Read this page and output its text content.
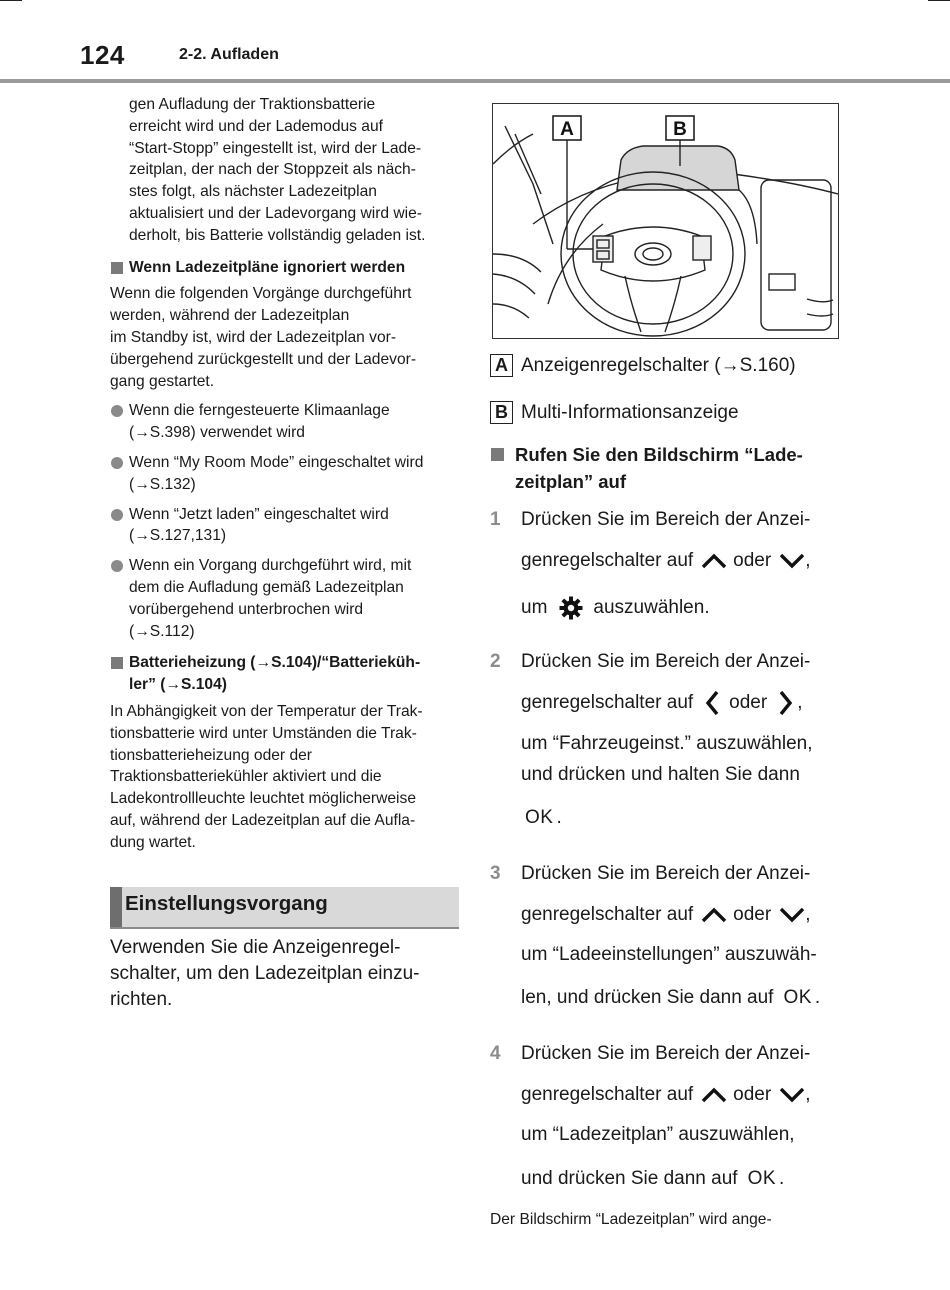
124	2-2. Aufladen

gen Aufladung der Traktionsbatterie

erreicht wird und der Lademodus auf

“Start-Stopp” eingestellt ist, wird der Lade-

zeitplan, der nach der Stoppzeit als näch-

stes folgt, als nächster Ladezeitplan

aktualisiert und der Ladevorgang wird wie-

derholt, bis Batterie vollständig geladen ist.

Wenn Ladezeitpläne ignoriert werden

Wenn die folgenden Vorgänge durchgeführt

werden, während der Ladezeitplan

im Standby ist, wird der Ladezeitplan vor-

übergehend zurückgestellt und der Ladevor-

gang gestartet.

Wenn die ferngesteuerte Klimaanlage

(→S.398) verwendet wird

Wenn “My Room Mode” eingeschaltet wird

(→S.132)

Wenn “Jetzt laden” eingeschaltet wird

(→S.127,131)

Wenn ein Vorgang durchgeführt wird, mit

dem die Aufladung gemäß Ladezeitplan

vorübergehend unterbrochen wird

(→S.112)

Batterieheizung (→S.104)/“Batterieküh-

ler” (→S.104)

In Abhängigkeit von der Temperatur der Trak-

tionsbatterie wird unter Umständen die Trak-

tionsbatterieheizung oder der

Traktionsbatteriekühler aktiviert und die

Ladekontrollleuchte leuchtet möglicherweise

auf, während der Ladezeitplan auf die Aufla-

dung wartet.

Einstellungsvorgang
Verwenden Sie die Anzeigenregel-
schalter, um den Ladezeitplan einzu-
richten.
A	B
A Anzeigenregelschalter (→S.160)
B Multi-Informationsanzeige
Rufen Sie den Bildschirm “Lade-
zeitplan” auf
1 Drücken Sie im Bereich der Anzei-
genregelschalter auf oder ,
um auszuwählen.
2 Drücken Sie im Bereich der Anzei-
genregelschalter auf oder ,
um “Fahrzeugeinst.” auszuwählen,
und drücken und halten Sie dann
OK .
3 Drücken Sie im Bereich der Anzei-
genregelschalter auf oder ,
um “Ladeeinstellungen” auszuwäh-
len, und drücken Sie dann auf OK .
4 Drücken Sie im Bereich der Anzei-
genregelschalter auf oder ,
um “Ladezeitplan” auszuwählen,
und drücken Sie dann auf OK .
Der Bildschirm “Ladezeitplan” wird ange-
